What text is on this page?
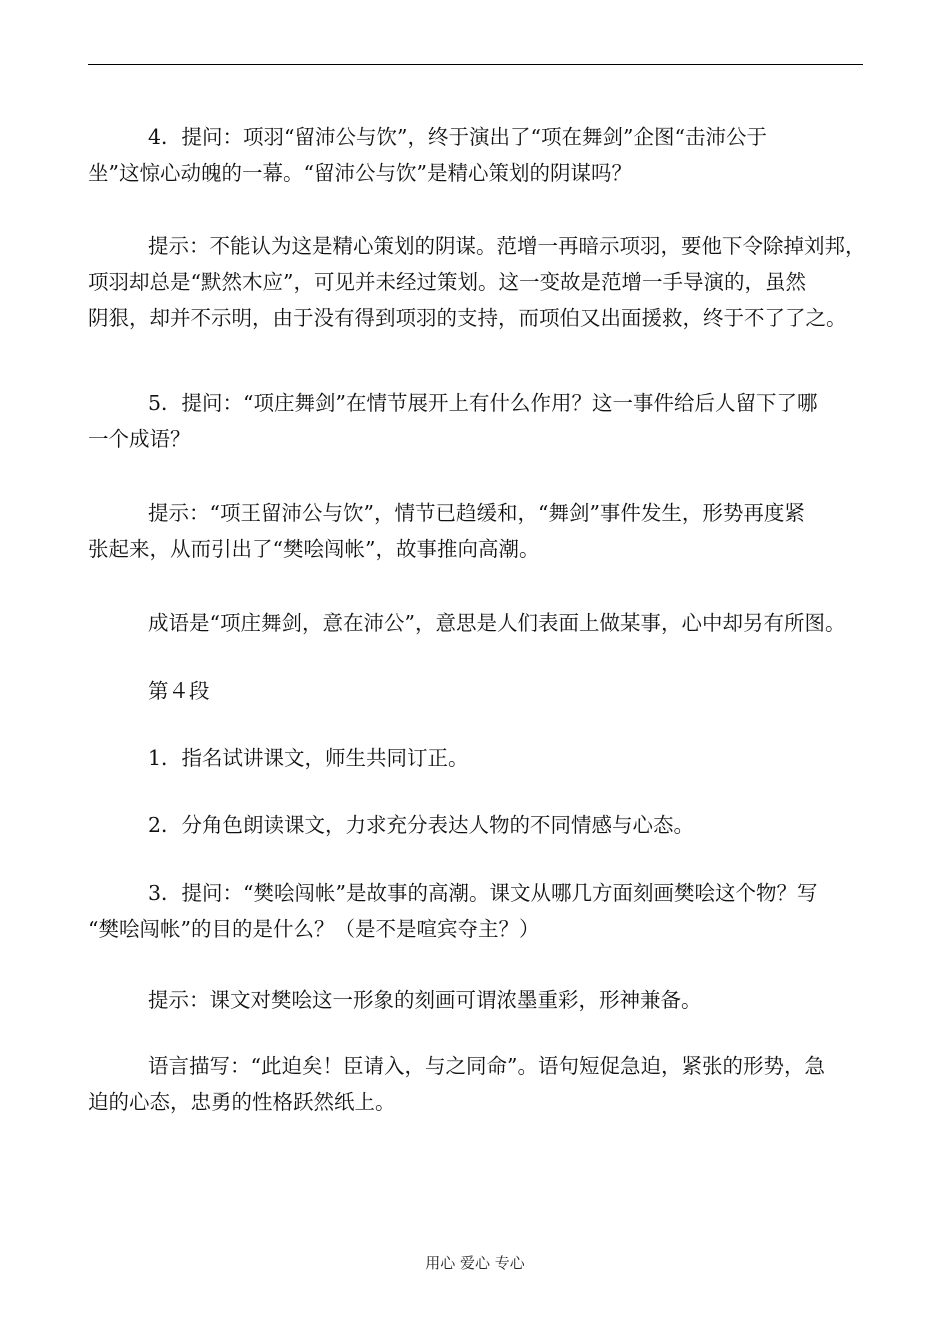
4．提问：项羽“留沛公与饮”，终于演出了“项在舞剑”企图“击沛公于
坐”这惊心动魄的一幕。“留沛公与饮”是精心策划的阴谋吗？
提示：不能认为这是精心策划的阴谋。范增一再暗示项羽，要他下令除掉刘邦，
项羽却总是“默然木应”，可见并未经过策划。这一变故是范增一手导演的，虽然
阴狠，却并不示明，由于没有得到项羽的支持，而项伯又出面援救，终于不了了之。
5．提问：“项庄舞剑”在情节展开上有什么作用？这一事件给后人留下了哪
一个成语？
提示：“项王留沛公与饮”，情节已趋缓和，“舞剑”事件发生，形势再度紧
张起来，从而引出了“樊哙闯帐”，故事推向高潮。
成语是“项庄舞剑，意在沛公”，意思是人们表面上做某事，心中却另有所图。
第４段
1．指名试讲课文，师生共同订正。
2．分角色朗读课文，力求充分表达人物的不同情感与心态。
3．提问：“樊哙闯帐”是故事的高潮。课文从哪几方面刻画樊哙这个物？写
“樊哙闯帐”的目的是什么？（是不是喧宾夺主？）
提示：课文对樊哙这一形象的刻画可谓浓墨重彩，形神兼备。
语言描写：“此迫矣！臣请入，与之同命”。语句短促急迫，紧张的形势，急
迫的心态，忠勇的性格跃然纸上。
用心 爱心 专心
